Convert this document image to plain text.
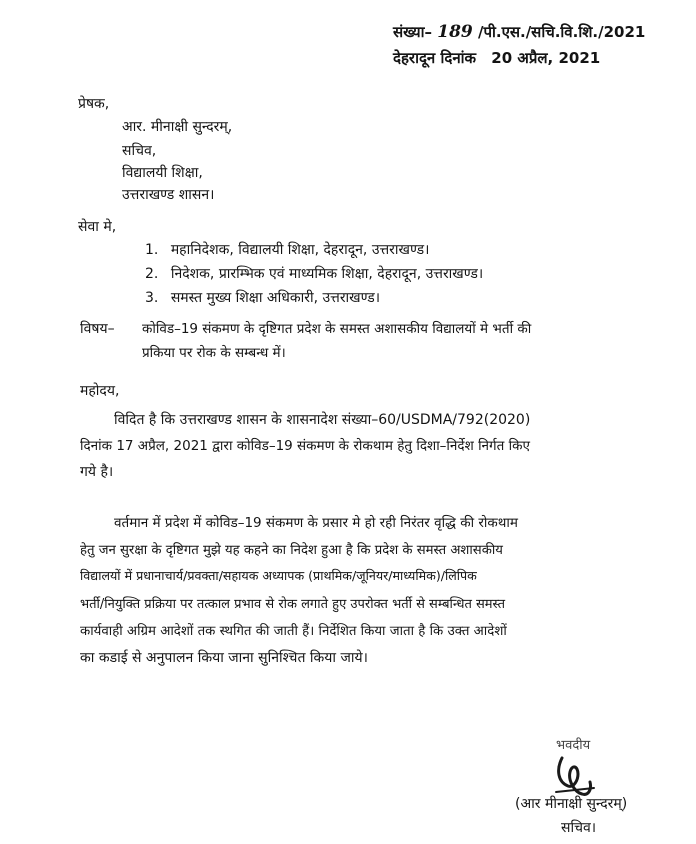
संख्या– 189 /पी.एस./सचि.वि.शि./2021
देहरादून दिनांक 20 अप्रैल, 2021
प्रेषक,
आर. मीनाक्षी सुन्दरम्,
सचिव,
विद्यालयी शिक्षा,
उत्तराखण्ड शासन।
सेवा मे,
1. महानिदेशक, विद्यालयी शिक्षा, देहरादून, उत्तराखण्ड।
2. निदेशक, प्रारम्भिक एवं माध्यमिक शिक्षा, देहरादून, उत्तराखण्ड।
3. समस्त मुख्य शिक्षा अधिकारी, उत्तराखण्ड।
विषय– कोविड–19 संकमण के दृष्टिगत प्रदेश के समस्त अशासकीय विद्यालयों मे भर्ती की
प्रकिया पर रोक के सम्बन्ध में।
महोदय,
विदित है कि उत्तराखण्ड शासन के शासनादेश संख्या–60/USDMA/792(2020)
दिनांक 17 अप्रैल, 2021 द्वारा कोविड–19 संकमण के रोकथाम हेतु दिशा–निर्देश निर्गत किए
गये है।
वर्तमान में प्रदेश में कोविड–19 संकमण के प्रसार मे हो रही निरंतर वृद्धि की रोकथाम
हेतु जन सुरक्षा के दृष्टिगत मुझे यह कहने का निदेश हुआ है कि प्रदेश के समस्त अशासकीय
विद्यालयों में प्रधानाचार्य/प्रवक्ता/सहायक अध्यापक (प्राथमिक/जूनियर/माध्यमिक)/लिपिक
भर्ती/नियुक्ति प्रक्रिया पर तत्काल प्रभाव से रोक लगाते हुए उपरोक्त भर्ती से सम्बन्धित समस्त
कार्यवाही अग्रिम आदेशों तक स्थगित की जाती हैं। निर्देशित किया जाता है कि उक्त आदेशों
का कडाई से अनुपालन किया जाना सुनिश्चित किया जाये।
भवदीय
(आर मीनाक्षी सुन्दरम्)
सचिव।
